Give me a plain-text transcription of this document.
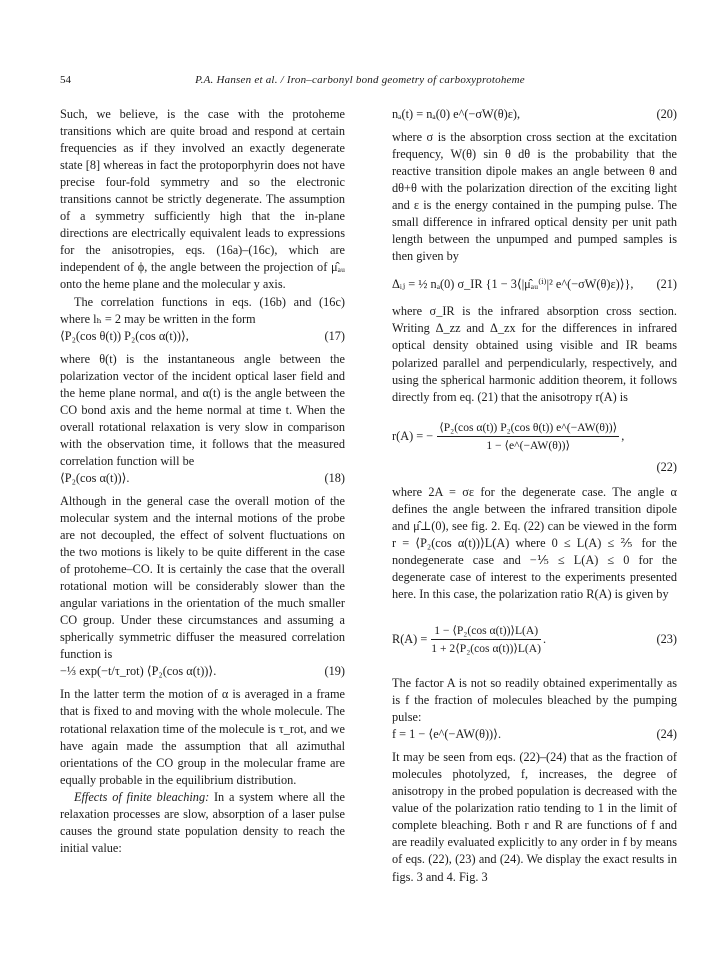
54	P.A. Hansen et al. / Iron–carbonyl bond geometry of carboxyprotoheme

Such, we believe, is the case with the protoheme transitions which are quite broad and respond at certain frequencies as if they involved an exactly degenerate state [8] whereas in fact the protoporphyrin does not have precise four-fold symmetry and so the electronic transitions cannot be strictly degenerate. The assumption of a symmetry sufficiently high that the in-plane directions are electrically equivalent leads to expressions for the anisotropies, eqs. (16a)–(16c), which are independent of ϕ, the angle between the projection of μ̂ₐᵤ onto the heme plane and the molecular y axis.

The correlation functions in eqs. (16b) and (16c) where lₕ = 2 may be written in the form

⟨P₂(cos θ(t)) P₂(cos α(t))⟩,	(17)

where θ(t) is the instantaneous angle between the polarization vector of the incident optical laser field and the heme plane normal, and α(t) is the angle between the CO bond axis and the heme normal at time t. When the overall rotational relaxation is very slow in comparison with the observation time, it follows that the measured correlation function will be

⟨P₂(cos α(t))⟩.	(18)

Although in the general case the overall motion of the molecular system and the internal motions of the probe are not decoupled, the effect of solvent fluctuations on the two motions is likely to be quite different in the case of protoheme–CO. It is certainly the case that the overall rotational motion will be considerably slower than the angular variations in the orientation of the much smaller CO group. Under these circumstances and assuming a spherically symmetric diffuser the measured correlation function is

−⅓ exp(−t/τ_rot) ⟨P₂(cos α(t))⟩.	(19)

In the latter term the motion of α is averaged in a frame that is fixed to and moving with the whole molecule. The rotational relaxation time of the molecule is τ_rot, and we have again made the assumption that all azimuthal orientations of the CO group in the molecular frame are equally probable in the equilibrium distribution.

Effects of finite bleaching: In a system where all the relaxation processes are slow, absorption of a laser pulse causes the ground state population density to reach the initial value:

nₐ(t) = nₐ(0) e^(−σW(θ)ε),	(20)

where σ is the absorption cross section at the excitation frequency, W(θ) sin θ dθ is the probability that the reactive transition dipole makes an angle between θ and dθ+θ with the polarization direction of the exciting light and ε is the energy contained in the pumping pulse. The small difference in infrared optical density per unit path length between the unpumped and pumped samples is then given by

Δᵢⱼ = ½ nₐ(0) σ_IR {1 − 3⟨|μ̂ₐᵤ⁽ⁱ⁾|² e^(−σW(θ)ε)⟩},	(21)

where σ_IR is the infrared absorption cross section. Writing Δ_zz and Δ_zx for the differences in infrared optical density obtained using visible and IR beams polarized parallel and perpendicularly, respectively, and using the spherical harmonic addition theorem, it follows directly from eq. (21) that the anisotropy r(A) is

r(A) = −
⟨P₂(cos α(t)) P₂(cos θ(t)) e^(−AW(θ))⟩
1 − ⟨e^(−AW(θ))⟩
,
(22)

where 2A = σε for the degenerate case. The angle α defines the angle between the infrared transition dipole and μ̂⊥(0), see fig. 2. Eq. (22) can be viewed in the form r = ⟨P₂(cos α(t))⟩L(A) where 0 ≤ L(A) ≤ ⅖ for the nondegenerate case and −⅕ ≤ L(A) ≤ 0 for the degenerate case of interest to the experiments presented here. In this case, the polarization ratio R(A) is given by

R(A) =
1 − ⟨P₂(cos α(t))⟩L(A)
1 + 2⟨P₂(cos α(t))⟩L(A)
.	(23)

The factor A is not so readily obtained experimentally as is f the fraction of molecules bleached by the pumping pulse:

f = 1 − ⟨e^(−AW(θ))⟩.	(24)

It may be seen from eqs. (22)–(24) that as the fraction of molecules photolyzed, f, increases, the degree of anisotropy in the probed population is decreased with the value of the polarization ratio tending to 1 in the limit of complete bleaching. Both r and R are functions of f and are readily evaluated explicitly to any order in f by means of eqs. (22), (23) and (24). We display the exact results in figs. 3 and 4. Fig. 3
